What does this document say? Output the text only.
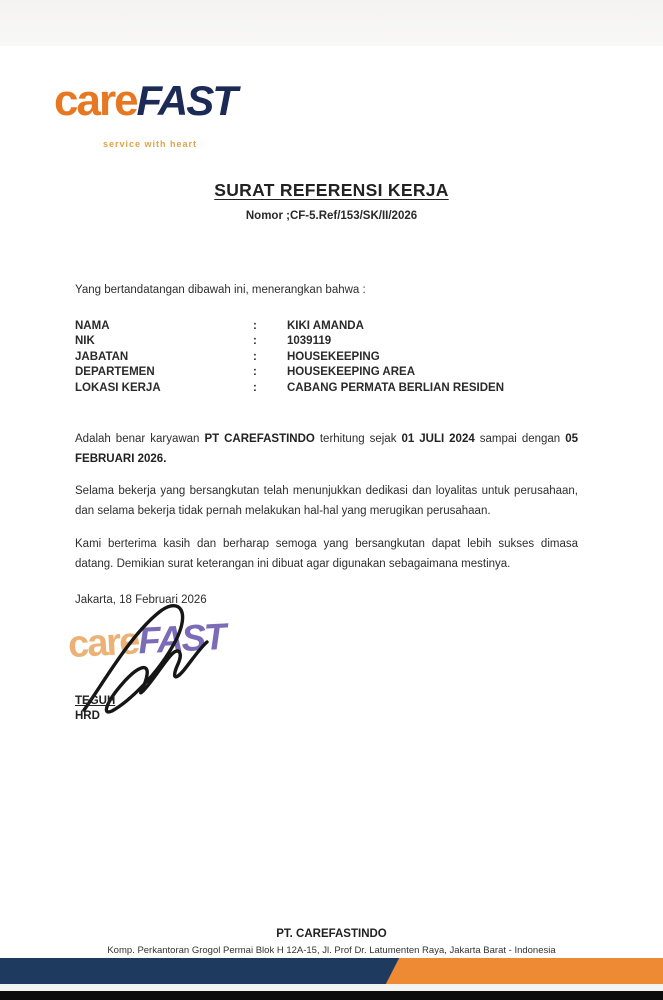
careFAST
service with heart
SURAT REFERENSI KERJA
Nomor ;CF-5.Ref/153/SK/II/2026
Yang bertandatangan dibawah ini, menerangkan bahwa :
NAMA	:	KIKI AMANDA
NIK	:	1039119
JABATAN	:	HOUSEKEEPING
DEPARTEMEN	:	HOUSEKEEPING AREA
LOKASI KERJA	:	CABANG PERMATA BERLIAN RESIDEN
Adalah benar karyawan PT CAREFASTINDO terhitung sejak 01 JULI 2024 sampai dengan 05 FEBRUARI 2026.
Selama bekerja yang bersangkutan telah menunjukkan dedikasi dan loyalitas untuk perusahaan, dan selama bekerja tidak pernah melakukan hal-hal yang merugikan perusahaan.
Kami berterima kasih dan berharap semoga yang bersangkutan dapat lebih sukses dimasa datang. Demikian surat keterangan ini dibuat agar digunakan sebagaimana mestinya.
Jakarta, 18 Februari 2026
careFAST
TEGUH
HRD
PT. CAREFASTINDO
Komp. Perkantoran Grogol Permai Blok H 12A-15, Jl. Prof Dr. Latumenten Raya, Jakarta Barat - Indonesia
